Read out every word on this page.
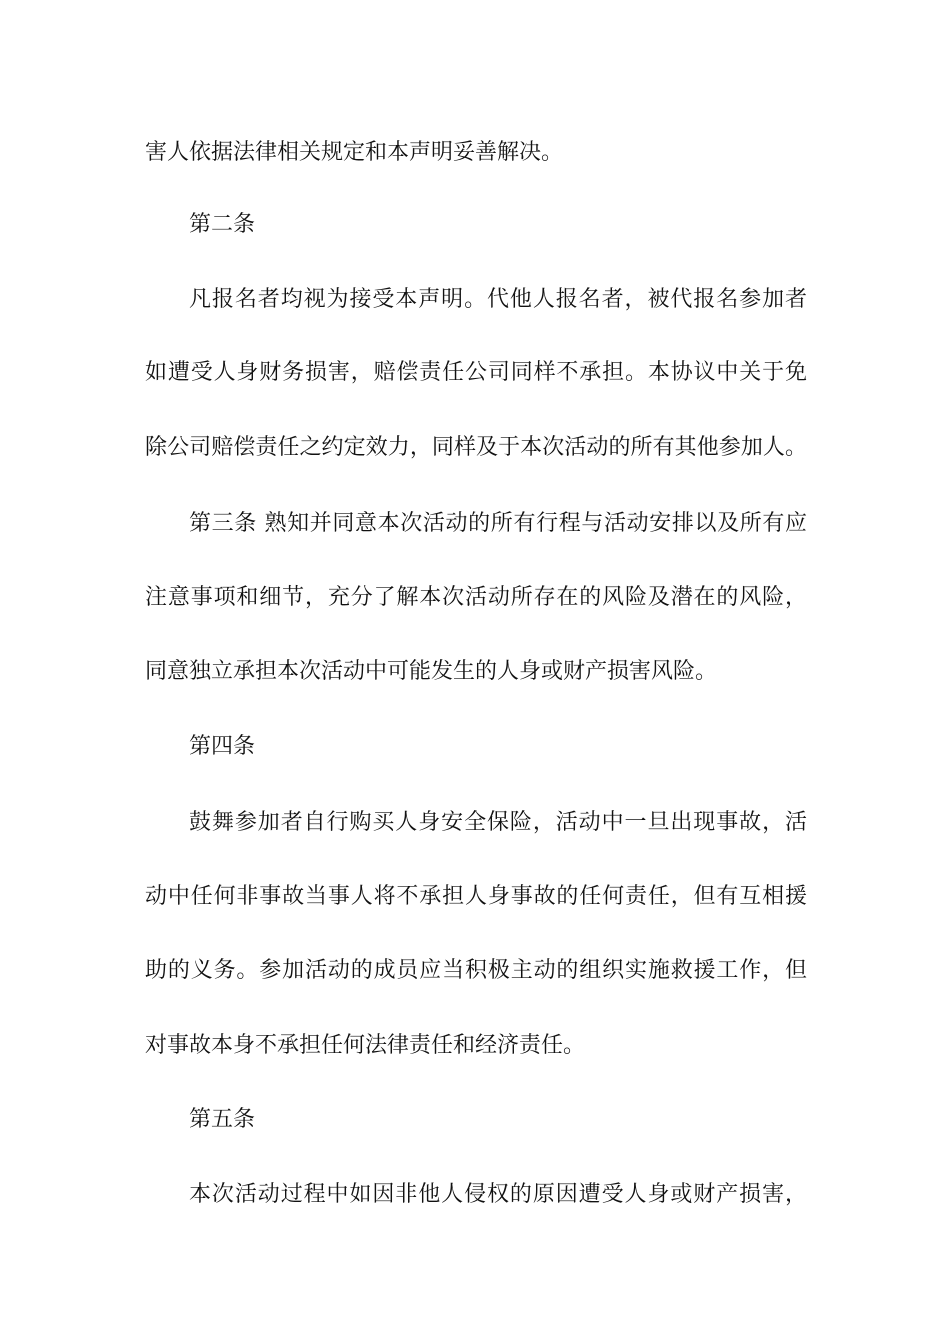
害人依据法律相关规定和本声明妥善解决。
第二条
凡报名者均视为接受本声明。代他人报名者，被代报名参加者
如遭受人身财务损害，赔偿责任公司同样不承担。本协议中关于免
除公司赔偿责任之约定效力，同样及于本次活动的所有其他参加人。
第三条 熟知并同意本次活动的所有行程与活动安排以及所有应
注意事项和细节，充分了解本次活动所存在的风险及潜在的风险，
同意独立承担本次活动中可能发生的人身或财产损害风险。
第四条
鼓舞参加者自行购买人身安全保险，活动中一旦出现事故，活
动中任何非事故当事人将不承担人身事故的任何责任，但有互相援
助的义务。参加活动的成员应当积极主动的组织实施救援工作，但
对事故本身不承担任何法律责任和经济责任。
第五条
本次活动过程中如因非他人侵权的原因遭受人身或财产损害，
